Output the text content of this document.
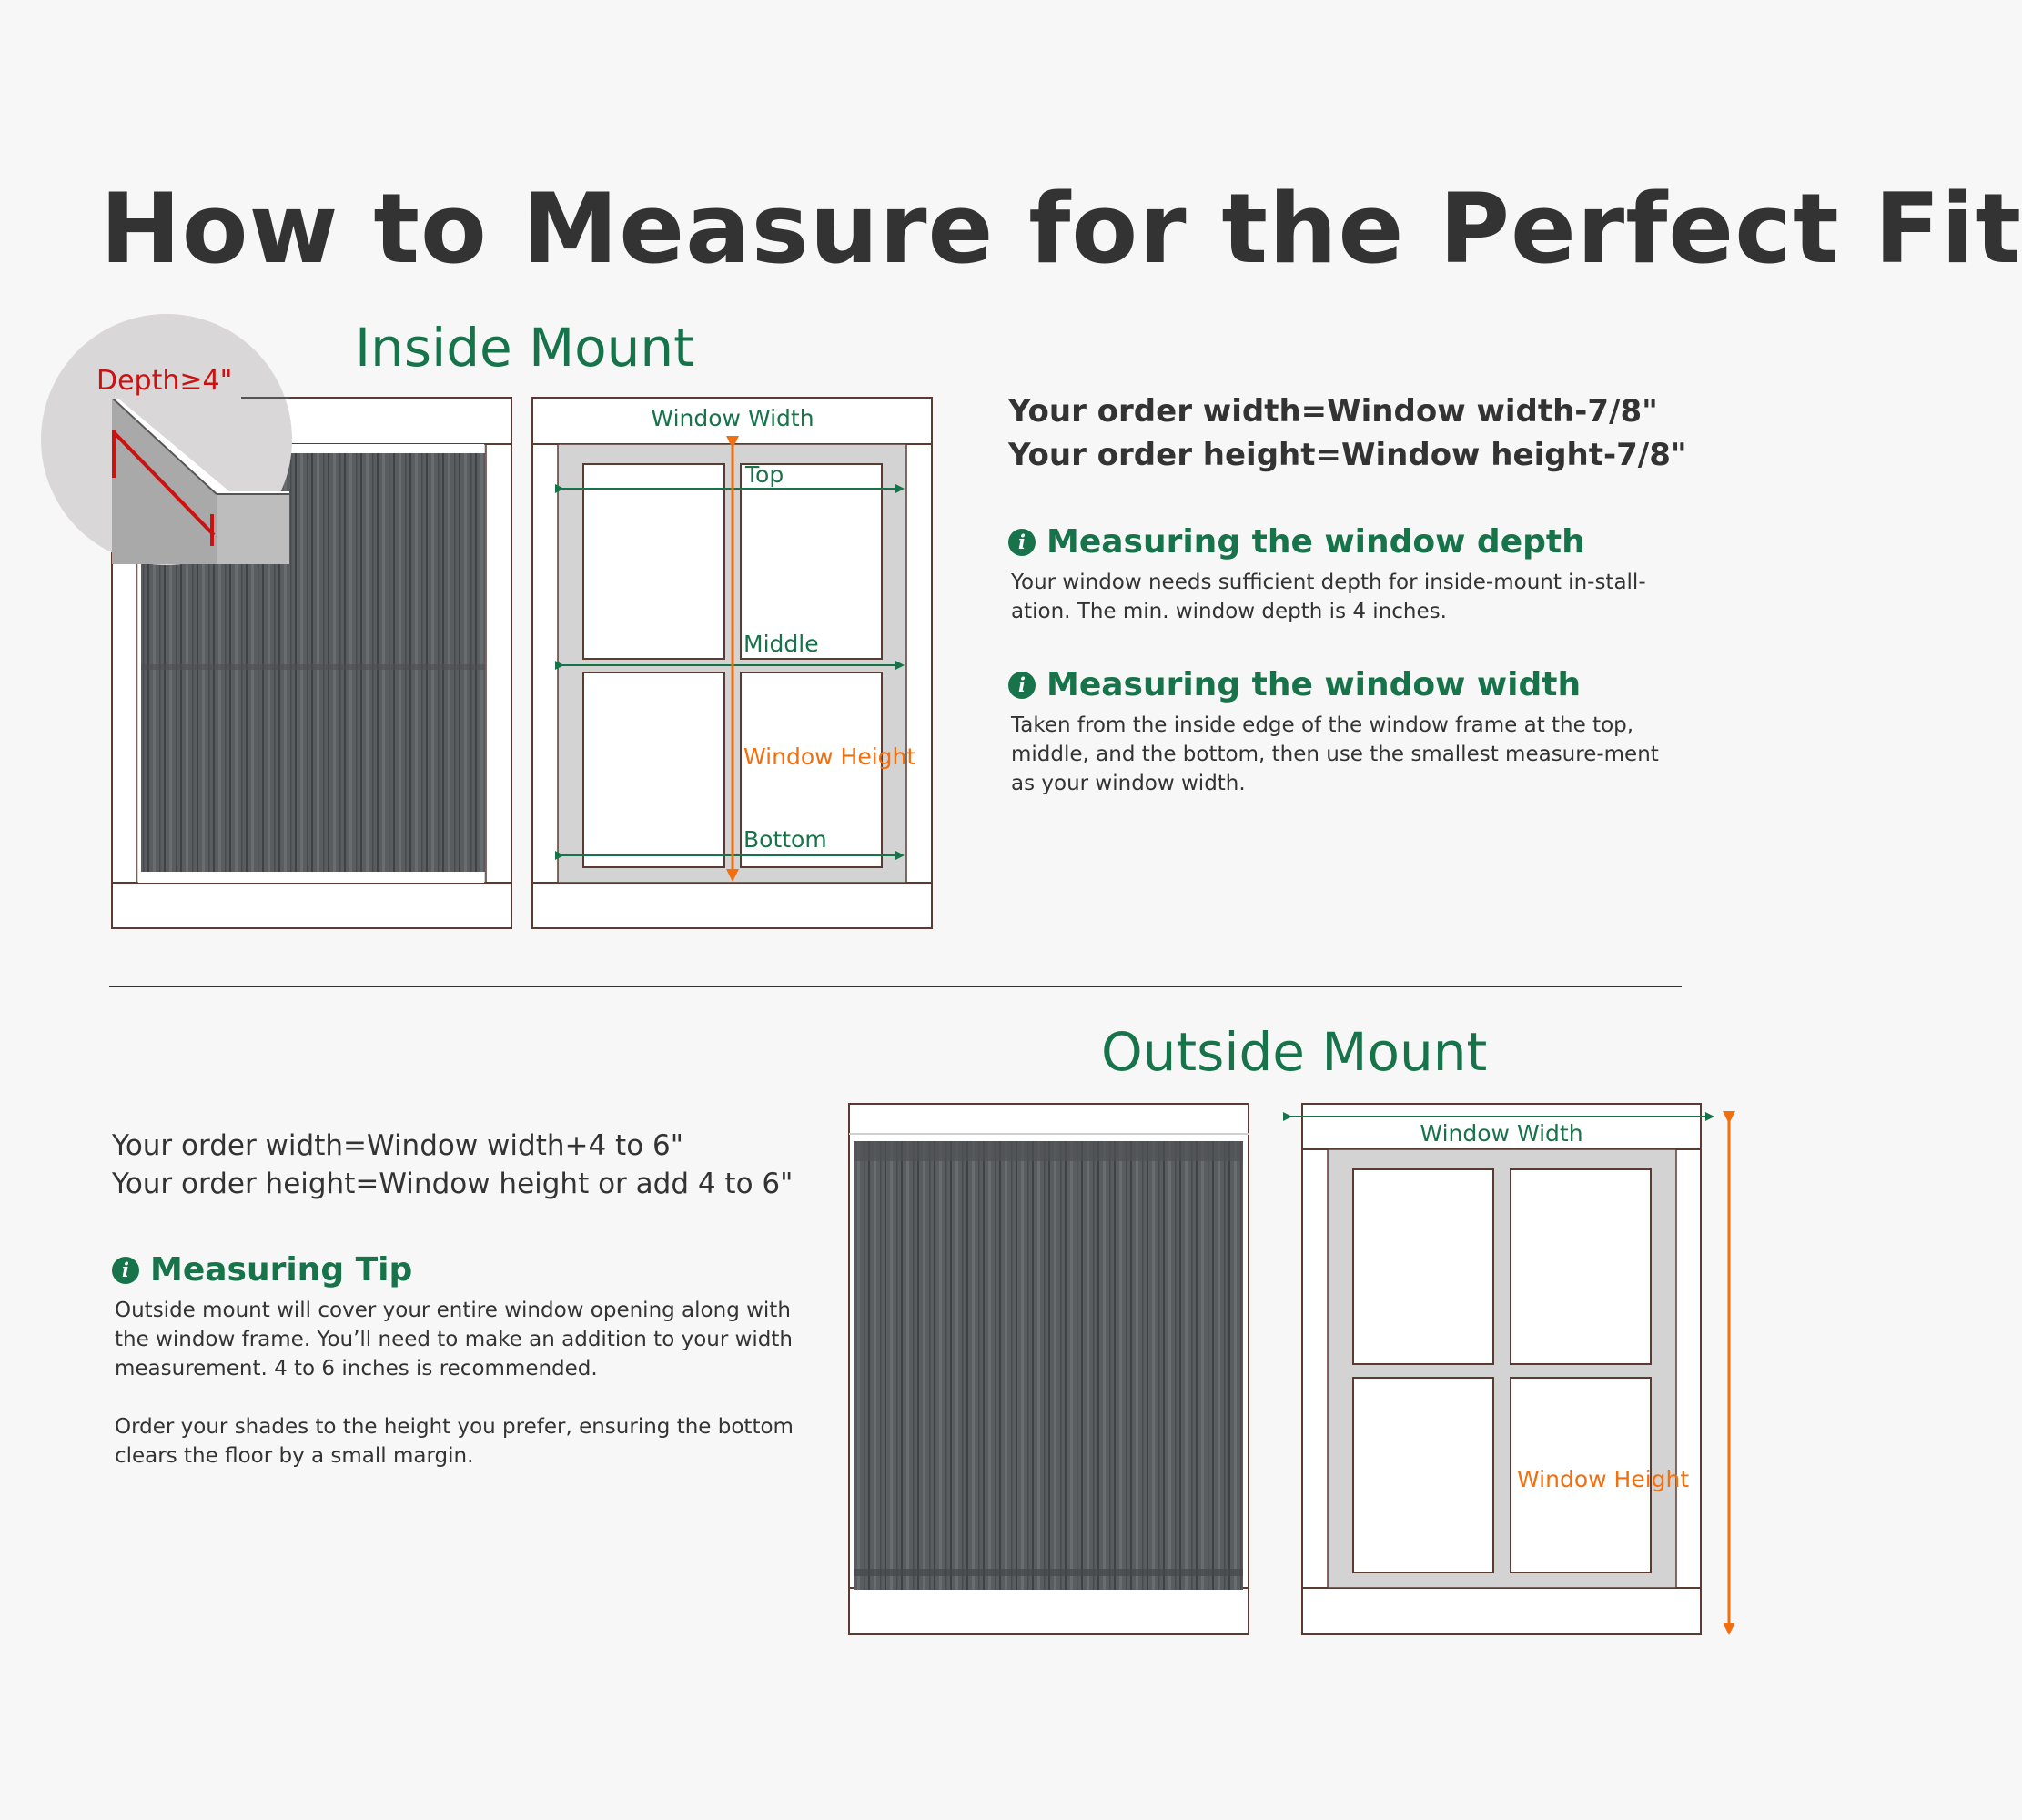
How to Measure for the Perfect Fit
Depth≥4"
Window Width
Top
Middle
Bottom
Window Height
Window Width
Window Height
Inside Mount
Your order width=Window width-7/8"
Your order height=Window height-7/8"
i Measuring the window depth
Your window needs sufficient depth for inside-mount in-stall-ation. The min. window depth is 4 inches.
i Measuring the window width
Taken from the inside edge of the window frame at the top, middle, and the bottom, then use the smallest measure-ment as your window width.
Outside Mount
Your order width=Window width+4 to 6"
Your order height=Window height or add 4 to 6"
i Measuring Tip
Outside mount will cover your entire window opening along with the window frame. You’ll need to make an addition to your width measurement. 4 to 6 inches is recommended.
Order your shades to the height you prefer, ensuring the bottom clears the floor by a small margin.
